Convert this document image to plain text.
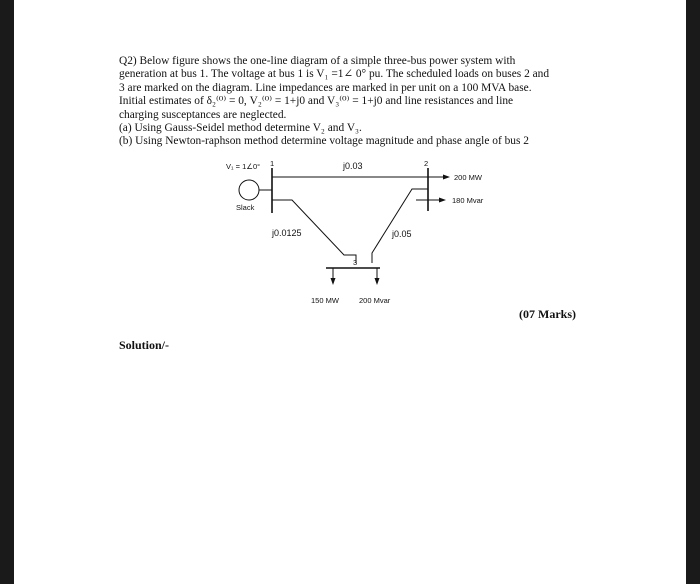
Q2) Below figure shows the one-line diagram of a simple three-bus power system with

generation at bus 1. The voltage at bus 1 is V₁ =1∠ 0° pu. The scheduled loads on buses 2 and

3 are marked on the diagram. Line impedances are marked in per unit on a 100 MVA base.

Initial estimates of δ₂⁽⁰⁾ = 0, V₂⁽⁰⁾ = 1+j0 and V₃⁽⁰⁾ = 1+j0 and line resistances and line

charging susceptances are neglected.

(a) Using Gauss-Seidel method determine V₂ and V₃.

(b) Using Newton-raphson method determine voltage magnitude and phase angle of bus 2

V₁ = 1∠0° 1
Slack
j0.03	2
200 MW
180 Mvar
j0.0125	j0.05
3
150 MW	200 Mvar
(07 Marks)
Solution/-
